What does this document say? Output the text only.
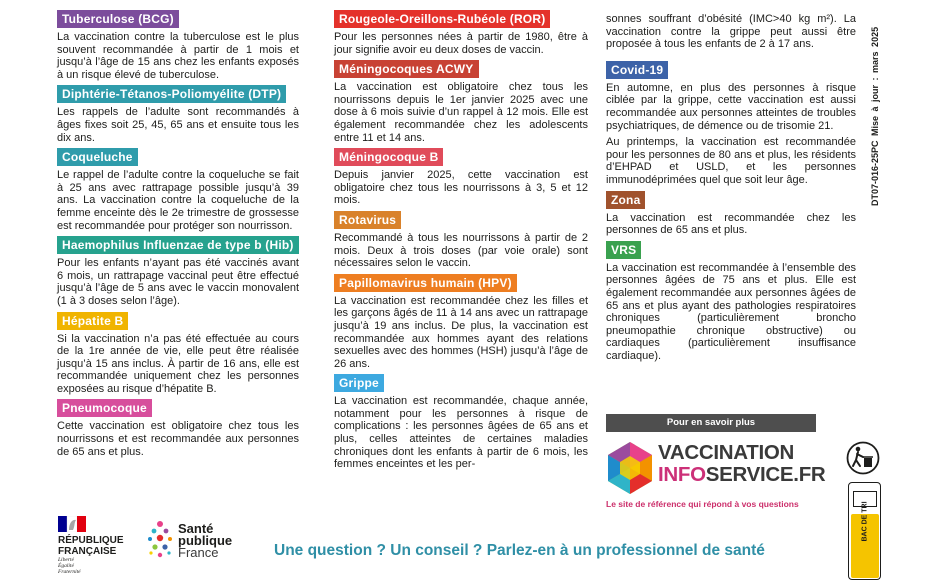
Tuberculose (BCG)

La vaccination contre la tuberculose est le plus souvent recommandée à partir de 1 mois et jusqu’à l’âge de 15 ans chez les enfants exposés à un risque élevé de tuberculose.

Diphtérie-Tétanos-Poliomyélite (DTP)

Les rappels de l’adulte sont recommandés à âges fixes soit 25, 45, 65 ans et ensuite tous les dix ans.

Coqueluche

Le rappel de l’adulte contre la coqueluche se fait à 25 ans avec rattrapage possible jusqu’à 39 ans. La vaccination contre la coqueluche de la femme enceinte dès le 2e trimestre de grossesse est recommandée pour protéger son nourrisson.

Haemophilus Influenzae de type b (Hib)

Pour les enfants n’ayant pas été vaccinés avant 6 mois, un rattrapage vaccinal peut être effectué jusqu’à l’âge de 5 ans avec le vaccin monovalent (1 à 3 doses selon l’âge).

Hépatite B

Si la vaccination n’a pas été effectuée au cours de la 1re année de vie, elle peut être réalisée jusqu’à 15 ans inclus. À partir de 16 ans, elle est recommandée uniquement chez les personnes exposées au risque d’hépatite B.

Pneumocoque

Cette vaccination est obligatoire chez tous les nourrissons et est recommandée aux personnes de 65 ans et plus.

Rougeole-Oreillons-Rubéole (ROR)

Pour les personnes nées à partir de 1980, être à jour signifie avoir eu deux doses de vaccin.

Méningocoques ACWY

La vaccination est obligatoire chez tous les nourrissons depuis le 1er janvier 2025 avec une dose à 6 mois suivie d’un rappel à 12 mois. Elle est également recommandée chez les adolescents entre 11 et 14 ans.

Méningocoque B

Depuis janvier 2025, cette vaccination est obligatoire chez tous les nourrissons à 3, 5 et 12 mois.

Rotavirus

Recommandé à tous les nourrissons à partir de 2 mois. Deux à trois doses (par voie orale) sont nécessaires selon le vaccin.

Papillomavirus humain (HPV)

La vaccination est recommandée chez les filles et les garçons âgés de 11 à 14 ans avec un rattrapage jusqu’à 19 ans inclus. De plus, la vaccination est recommandée aux hommes ayant des relations sexuelles avec des hommes (HSH) jusqu’à l’âge de 26 ans.

Grippe

La vaccination est recommandée, chaque année, notamment pour les personnes à risque de complications : les personnes âgées de 65 ans et plus, celles atteintes de certaines maladies chroniques dont les enfants à partir de 6 mois, les femmes enceintes et les per-

sonnes souffrant d’obésité (IMC>40 kg m²). La vaccination contre la grippe peut aussi être proposée à tous les enfants de 2 à 17 ans.

Covid-19

En automne, en plus des personnes à risque ciblée par la grippe, cette vaccination est aussi recommandée aux personnes atteintes de troubles psychiatriques, de démence ou de trisomie 21.

Au printemps, la vaccination est recommandée pour les personnes de 80 ans et plus, les résidents d’EHPAD et USLD, et les personnes immunodéprimées quel que soit leur âge.

Zona

La vaccination est recommandée chez les personnes de 65 ans et plus.

VRS

La vaccination est recommandée à l’ensemble des personnes âgées de 75 ans et plus. Elle est également recommandée aux personnes âgées de 65 ans et plus ayant des pathologies respiratoires chroniques (particulièrement broncho pneumopathie chronique obstructive) ou cardiaques (particulièrement insuffisance cardiaque).

DT07-016-25PC Mise à jour : mars 2025
Pour en savoir plus
VACCINATION
INFOSERVICE.FR
Le site de référence qui répond à vos questions
RÉPUBLIQUE
FRANÇAISE
Liberté
Égalité
Fraternité
Santé
publique
France	Une question ? Un conseil ? Parlez-en à un professionnel de santé
